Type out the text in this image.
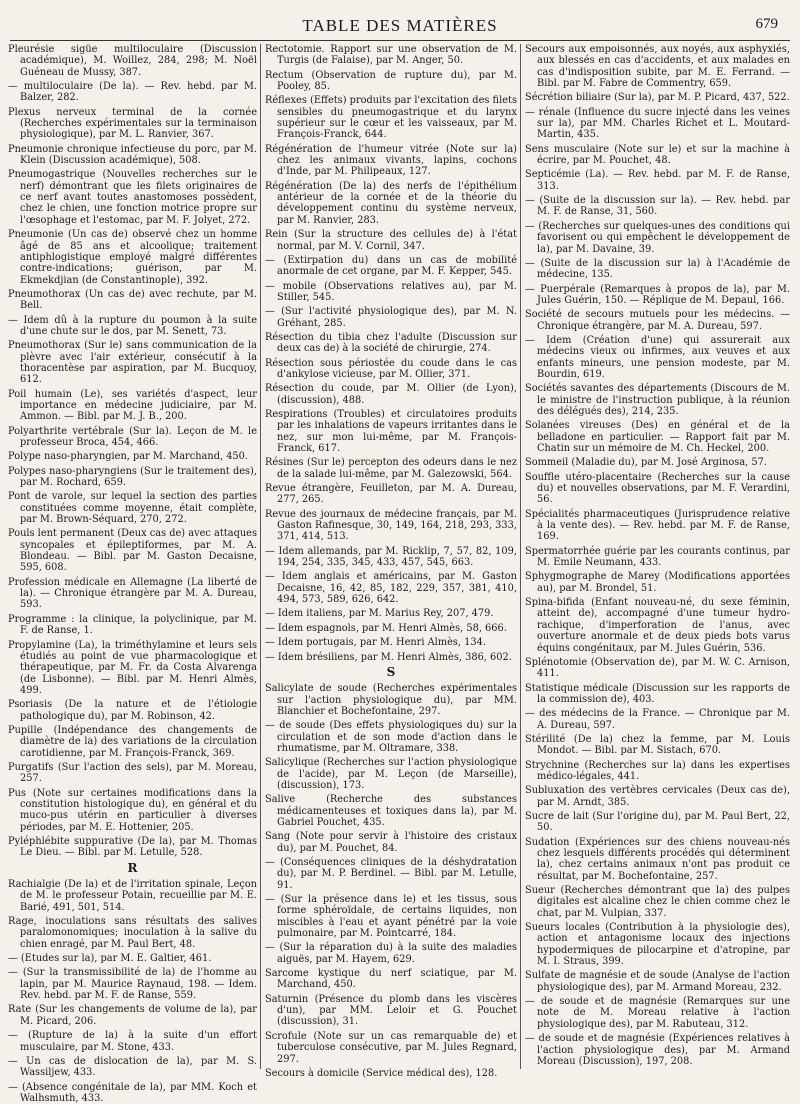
TABLE DES MATIÈRES	679

Pleurésie sigüe multiloculaire (Discussion académique), M. Woillez, 284, 298; M. Noël Guéneau de Mussy, 387.

— multiloculaire (De la). — Rev. hebd. par M. Balzer, 282.

Plexus nerveux terminal de la cornée (Recherches expérimentales sur la terminaison physiologique), par M. L. Ranvier, 367.

Pneumonie chronique infectieuse du porc, par M. Klein (Discussion académique), 508.

Pneumogastrique (Nouvelles recherches sur le nerf) démontrant que les filets originaires de ce nerf avant toutes anastomoses possèdent, chez le chien, une fonction motrice propre sur l'œsophage et l'estomac, par M. F. Jolyet, 272.

Pneumonie (Un cas de) observé chez un homme âgé de 85 ans et alcoolique; traitement antiphlogistique employé malgré différentes contre-indications; guérison, par M. Ekmekdjian (de Constantinople), 392.

Pneumothorax (Un cas de) avec rechute, par M. Bell.

— Idem dû à la rupture du poumon à la suite d'une chute sur le dos, par M. Senett, 73.

Pneumothorax (Sur le) sans communication de la plèvre avec l'air extérieur, consécutif à la thoracentèse par aspiration, par M. Bucquoy, 612.

Poil humain (Le), ses variétés d'aspect, leur importance en médecine judiciaire, par M. Ammon. — Bibl. par M. J. B., 200.

Polyarthrite vertébrale (Sur la). Leçon de M. le professeur Broca, 454, 466.

Polype naso-pharyngien, par M. Marchand, 450.

Polypes naso-pharyngiens (Sur le traitement des), par M. Rochard, 659.

Pont de varole, sur lequel la section des parties constituées comme moyenne, était complète, par M. Brown-Séquard, 270, 272.

Pouls lent permanent (Deux cas de) avec attaques syncopales et épileptiformes, par M. A. Blondeau. — Bibl. par M. Gaston Decaisne, 595, 608.

Profession médicale en Allemagne (La liberté de la). — Chronique étrangère par M. A. Dureau, 593.

Programme : la clinique, la polyclinique, par M. F. de Ranse, 1.

Propylamine (La), la triméthylamine et leurs sels étudiés au point de vue pharmacologique et thérapeutique, par M. Fr. da Costa Alvarenga (de Lisbonne). — Bibl. par M. Henri Almès, 499.

Psoriasis (De la nature et de l'étiologie pathologique du), par M. Robinson, 42.

Pupille (Indépendance des changements de diamètre de la) des variations de la circulation carotidienne, par M. François-Franck, 369.

Purgatifs (Sur l'action des sels), par M. Moreau, 257.

Pus (Note sur certaines modifications dans la constitution histologique du), en général et du muco-pus utérin en particulier à diverses périodes, par M. E. Hottenier, 205.

Pyléphlébite suppurative (De la), par M. Thomas Le Dieu. — Bibl. par M. Letulle, 528.

R

Rachialgie (De la) et de l'irritation spinale, Leçon de M. le professeur Potain, recueillie par M. E. Barié, 491, 501, 514.

Rage, inoculations sans résultats des salives paralomonomiques; inoculation à la salive du chien enragé, par M. Paul Bert, 48.

— (Etudes sur la), par M. E. Galtier, 461.

— (Sur la transmissibilité de la) de l'homme au lapin, par M. Maurice Raynaud, 198. — Idem. Rev. hebd. par M. F. de Ranse, 559.

Rate (Sur les changements de volume de la), par M. Picard, 206.

— (Rupture de la) à la suite d'un effort musculaire, par M. Stone, 433.

— Un cas de dislocation de la), par M. S. Wassiljew, 433.

— (Absence congénitale de la), par MM. Koch et Walhsmuth, 433.

Rectotomie. Rapport sur une observation de M. Turgis (de Falaise), par M. Anger, 50.

Rectum (Observation de rupture du), par M. Pooley, 85.

Réflexes (Effets) produits par l'excitation des filets sensibles du pneumogastrique et du larynx supérieur sur le cœur et les vaisseaux, par M. François-Franck, 644.

Régénération de l'humeur vitrée (Note sur la) chez les animaux vivants, lapins, cochons d'Inde, par M. Philipeaux, 127.

Régénération (De la) des nerfs de l'épithélium antérieur de la cornée et de la théorie du développement continu du système nerveux, par M. Ranvier, 283.

Rein (Sur la structure des cellules de) à l'état normal, par M. V. Cornil, 347.

— (Extirpation du) dans un cas de mobilité anormale de cet organe, par M. F. Kepper, 545.

— mobile (Observations relatives au), par M. Stiller, 545.

— (Sur l'activité physiologique des), par M. N. Gréhant, 285.

Résection du tibia chez l'adulte (Discussion sur deux cas de) à la société de chirurgie, 274.

Résection sous périostée du coude dans le cas d'ankylose vicieuse, par M. Ollier, 371.

Résection du coude, par M. Ollier (de Lyon), (discussion), 488.

Respirations (Troubles) et circulatoires produits par les inhalations de vapeurs irritantes dans le nez, sur mon lui-même, par M. François-Franck, 617.

Résines (Sur le) percepton des odeurs dans le nez de la salade lui-même, par M. Galezowski, 564.

Revue étrangère, Feuilleton, par M. A. Dureau, 277, 265.

Revue des journaux de médecine français, par M. Gaston Rafinesque, 30, 149, 164, 218, 293, 333, 371, 414, 513.

— Idem allemands, par M. Ricklip, 7, 57, 82, 109, 194, 254, 335, 345, 433, 457, 545, 663.

— Idem anglais et américains, par M. Gaston Decaisne, 16, 42, 85, 182, 229, 357, 381, 410, 494, 573, 589, 626, 642.

— Idem italiens, par M. Marius Rey, 207, 479.

— Idem espagnols, par M. Henri Almès, 58, 666.

— Idem portugais, par M. Henri Almès, 134.

— Idem brésiliens, par M. Henri Almès, 386, 602.

S

Salicylate de soude (Recherches expérimentales sur l'action physiologique du), par MM. Blanchier et Bochefontaine, 297.

— de soude (Des effets physiologiques du) sur la circulation et de son mode d'action dans le rhumatisme, par M. Oltramare, 338.

Salicylique (Recherches sur l'action physiologique de l'acide), par M. Leçon (de Marseille), (discussion), 173.

Salive (Recherche des substances médicamenteuses et toxiques dans la), par M. Gabriel Pouchet, 435.

Sang (Note pour servir à l'histoire des cristaux du), par M. Pouchet, 84.

— (Conséquences cliniques de la déshydratation du), par M. P. Berdinel. — Bibl. par M. Letulle, 91.

— (Sur la présence dans le) et les tissus, sous forme sphéroïdale, de certains liquides, non miscibles à l'eau et ayant pénétré par la voie pulmonaire, par M. Pointcarré, 184.

— (Sur la réparation du) à la suite des maladies aiguës, par M. Hayem, 629.

Sarcome kystique du nerf sciatique, par M. Marchand, 450.

Saturnin (Présence du plomb dans les viscères d'un), par MM. Leloir et G. Pouchet (discussion), 31.

Scrofule (Note sur un cas remarquable de) et tuberculose consécutive, par M. Jules Regnard, 297.

Secours à domicile (Service médical des), 128.

Secours aux empoisonnés, aux noyés, aux asphyxiés, aux blessés en cas d'accidents, et aux malades en cas d'indisposition subite, par M. E. Ferrand. — Bibl. par M. Fabre de Commentry, 659.

Sécrétion biliaire (Sur la), par M. P. Picard, 437, 522.

— rénale (Influence du sucre injecté dans les veines sur la), par MM. Charles Richet et L. Moutard-Martin, 435.

Sens musculaire (Note sur le) et sur la machine à écrire, par M. Pouchet, 48.

Septicémie (La). — Rev. hebd. par M. F. de Ranse, 313.

— (Suite de la discussion sur la). — Rev. hebd. par M. F. de Ranse, 31, 560.

— (Recherches sur quelques-unes des conditions qui favorisent ou qui empêchent le développement de la), par M. Davaine, 39.

— (Suite de la discussion sur la) à l'Académie de médecine, 135.

— Puerpérale (Remarques à propos de la), par M. Jules Guérin, 150. — Réplique de M. Depaul, 166.

Société de secours mutuels pour les médecins. — Chronique étrangère, par M. A. Dureau, 597.

— Idem (Création d'une) qui assurerait aux médecins vieux ou infirmes, aux veuves et aux enfants mineurs, une pension modeste, par M. Bourdin, 619.

Sociétés savantes des départements (Discours de M. le ministre de l'instruction publique, à la réunion des délégués des), 214, 235.

Solanées vireuses (Des) en général et de la belladone en particulier. — Rapport fait par M. Chatin sur un mémoire de M. Ch. Heckel, 200.

Sommeil (Maladie du), par M. José Arginosa, 57.

Souffle utéro-placentaire (Recherches sur la cause du) et nouvelles observations, par M. F. Verardini, 56.

Spécialités pharmaceutiques (Jurisprudence relative à la vente des). — Rev. hebd. par M. F. de Ranse, 169.

Spermatorrhée guérie par les courants continus, par M. Emile Neumann, 433.

Sphygmographe de Marey (Modifications apportées au), par M. Brondel, 51.

Spina-bifida (Enfant nouveau-né, du sexe féminin, atteint de), accompagné d'une tumeur hydro-rachique, d'imperforation de l'anus, avec ouverture anormale et de deux pieds bots varus équins congénitaux, par M. Jules Guérin, 536.

Splénotomie (Observation de), par M. W. C. Arnison, 411.

Statistique médicale (Discussion sur les rapports de la commission de), 403.

— des médecins de la France. — Chronique par M. A. Dureau, 597.

Stérilité (De la) chez la femme, par M. Louis Mondot. — Bibl. par M. Sistach, 670.

Strychnine (Recherches sur la) dans les expertises médico-légales, 441.

Subluxation des vertèbres cervicales (Deux cas de), par M. Arndt, 385.

Sucre de lait (Sur l'origine du), par M. Paul Bert, 22, 50.

Sudation (Expériences sur des chiens nouveau-nés chez lesquels différents procédés qui déterminent la), chez certains animaux n'ont pas produit ce résultat, par M. Bochefontaine, 257.

Sueur (Recherches démontrant que la) des pulpes digitales est alcaline chez le chien comme chez le chat, par M. Vulpian, 337.

Sueurs locales (Contribution à la physiologie des), action et antagonisme locaux des injections hypodermiques de pilocarpine et d'atropine, par M. I. Straus, 399.

Sulfate de magnésie et de soude (Analyse de l'action physiologique des), par M. Armand Moreau, 232.

— de soude et de magnésie (Remarques sur une note de M. Moreau relative à l'action physiologique des), par M. Rabuteau, 312.

— de soude et de magnésie (Expériences relatives à l'action physiologique des), par M. Armand Moreau (Discussion), 197, 208.
